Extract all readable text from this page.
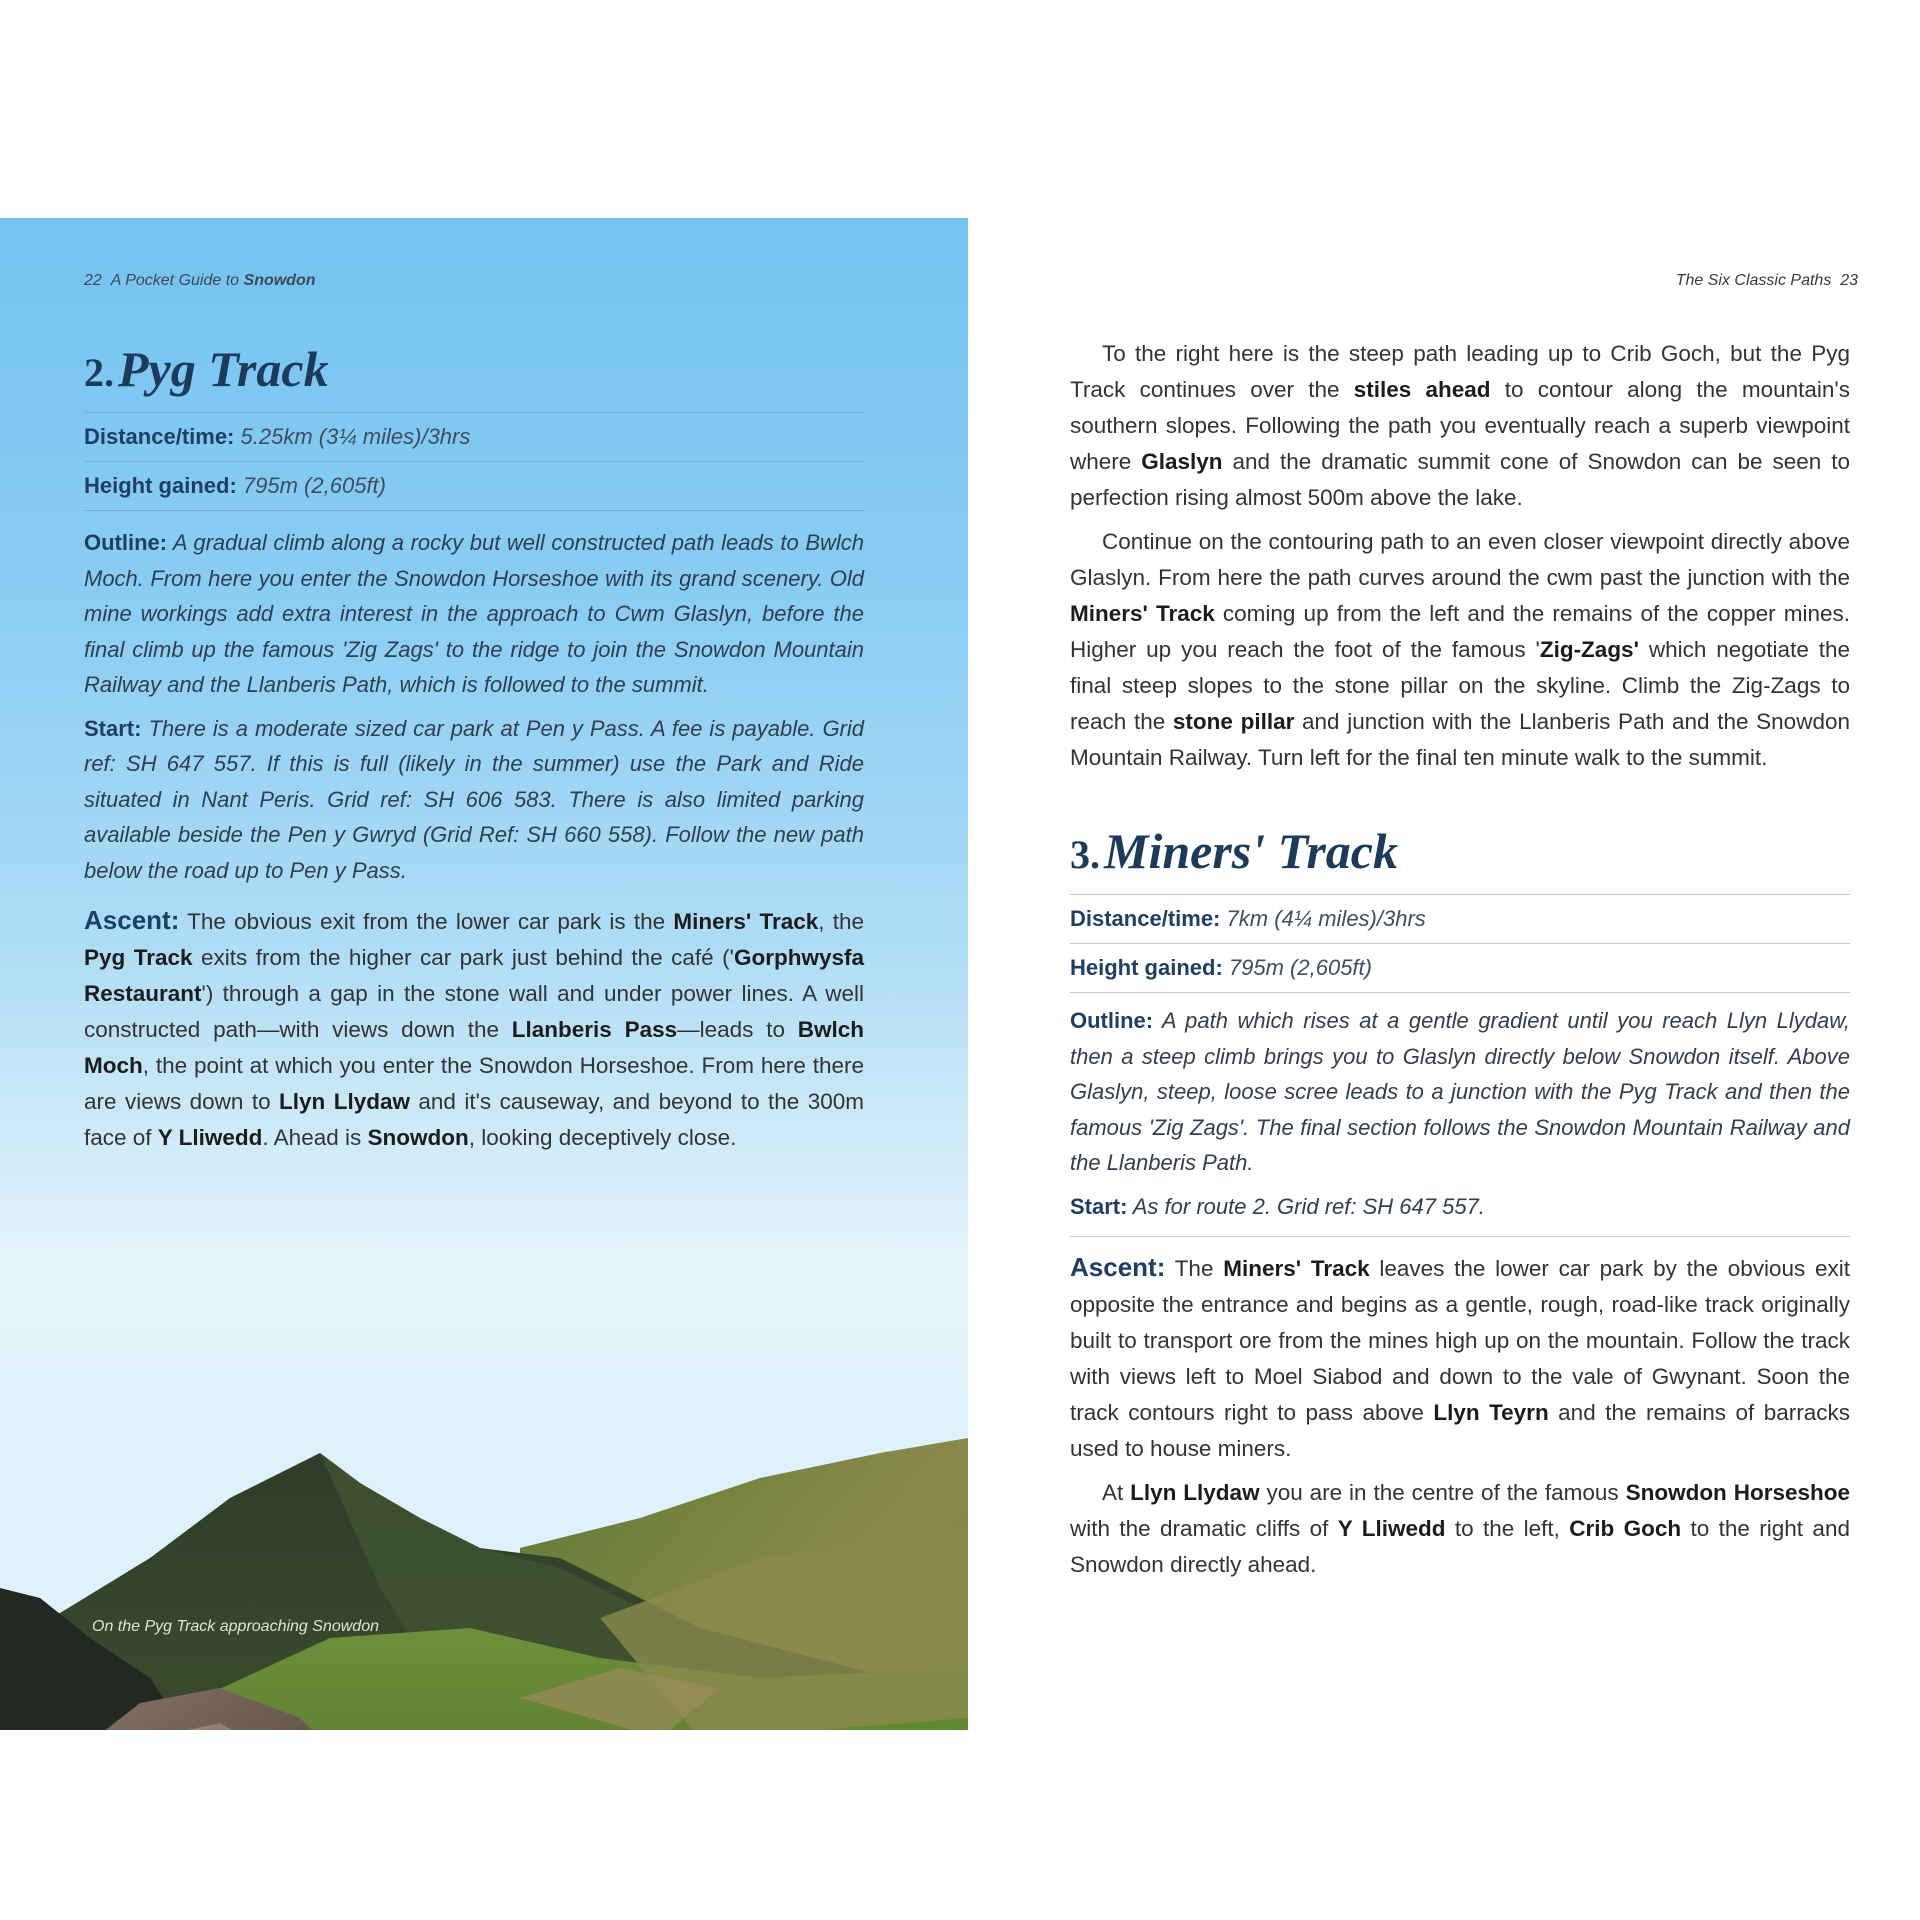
On the Pyg Track approaching Snowdon
22 A Pocket Guide to Snowdon
2. Pyg Track
Distance/time: 5.25km (3¼ miles)/3hrs
Height gained: 795m (2,605ft)

Outline: A gradual climb along a rocky but well constructed path leads to Bwlch Moch. From here you enter the Snowdon Horseshoe with its grand scenery. Old mine workings add extra interest in the approach to Cwm Glaslyn, before the final climb up the famous 'Zig Zags' to the ridge to join the Snowdon Mountain Railway and the Llanberis Path, which is followed to the summit.

Start: There is a moderate sized car park at Pen y Pass. A fee is payable. Grid ref: SH 647 557. If this is full (likely in the summer) use the Park and Ride situated in Nant Peris. Grid ref: SH 606 583. There is also limited parking available beside the Pen y Gwryd (Grid Ref: SH 660 558). Follow the new path below the road up to Pen y Pass.

Ascent: The obvious exit from the lower car park is the Miners' Track, the Pyg Track exits from the higher car park just behind the café ('Gorphwysfa Restaurant') through a gap in the stone wall and under power lines. A well constructed path—with views down the Llanberis Pass—leads to Bwlch Moch, the point at which you enter the Snowdon Horseshoe. From here there are views down to Llyn Llydaw and it's causeway, and beyond to the 300m face of Y Lliwedd. Ahead is Snowdon, looking deceptively close.

The Six Classic Paths 23

To the right here is the steep path leading up to Crib Goch, but the Pyg Track continues over the stiles ahead to contour along the mountain's southern slopes. Following the path you eventually reach a superb viewpoint where Glaslyn and the dramatic summit cone of Snowdon can be seen to perfection rising almost 500m above the lake.

Continue on the contouring path to an even closer viewpoint directly above Glaslyn. From here the path curves around the cwm past the junction with the Miners' Track coming up from the left and the remains of the copper mines. Higher up you reach the foot of the famous 'Zig-Zags' which negotiate the final steep slopes to the stone pillar on the skyline. Climb the Zig-Zags to reach the stone pillar and junction with the Llanberis Path and the Snowdon Mountain Railway. Turn left for the final ten minute walk to the summit.

3. Miners' Track
Distance/time: 7km (4¼ miles)/3hrs
Height gained: 795m (2,605ft)

Outline: A path which rises at a gentle gradient until you reach Llyn Llydaw, then a steep climb brings you to Glaslyn directly below Snowdon itself. Above Glaslyn, steep, loose scree leads to a junction with the Pyg Track and then the famous 'Zig Zags'. The final section follows the Snowdon Mountain Railway and the Llanberis Path.

Start: As for route 2. Grid ref: SH 647 557.

Ascent: The Miners' Track leaves the lower car park by the obvious exit opposite the entrance and begins as a gentle, rough, road-like track originally built to transport ore from the mines high up on the mountain. Follow the track with views left to Moel Siabod and down to the vale of Gwynant. Soon the track contours right to pass above Llyn Teyrn and the remains of barracks used to house miners.

At Llyn Llydaw you are in the centre of the famous Snowdon Horseshoe with the dramatic cliffs of Y Lliwedd to the left, Crib Goch to the right and Snowdon directly ahead.
